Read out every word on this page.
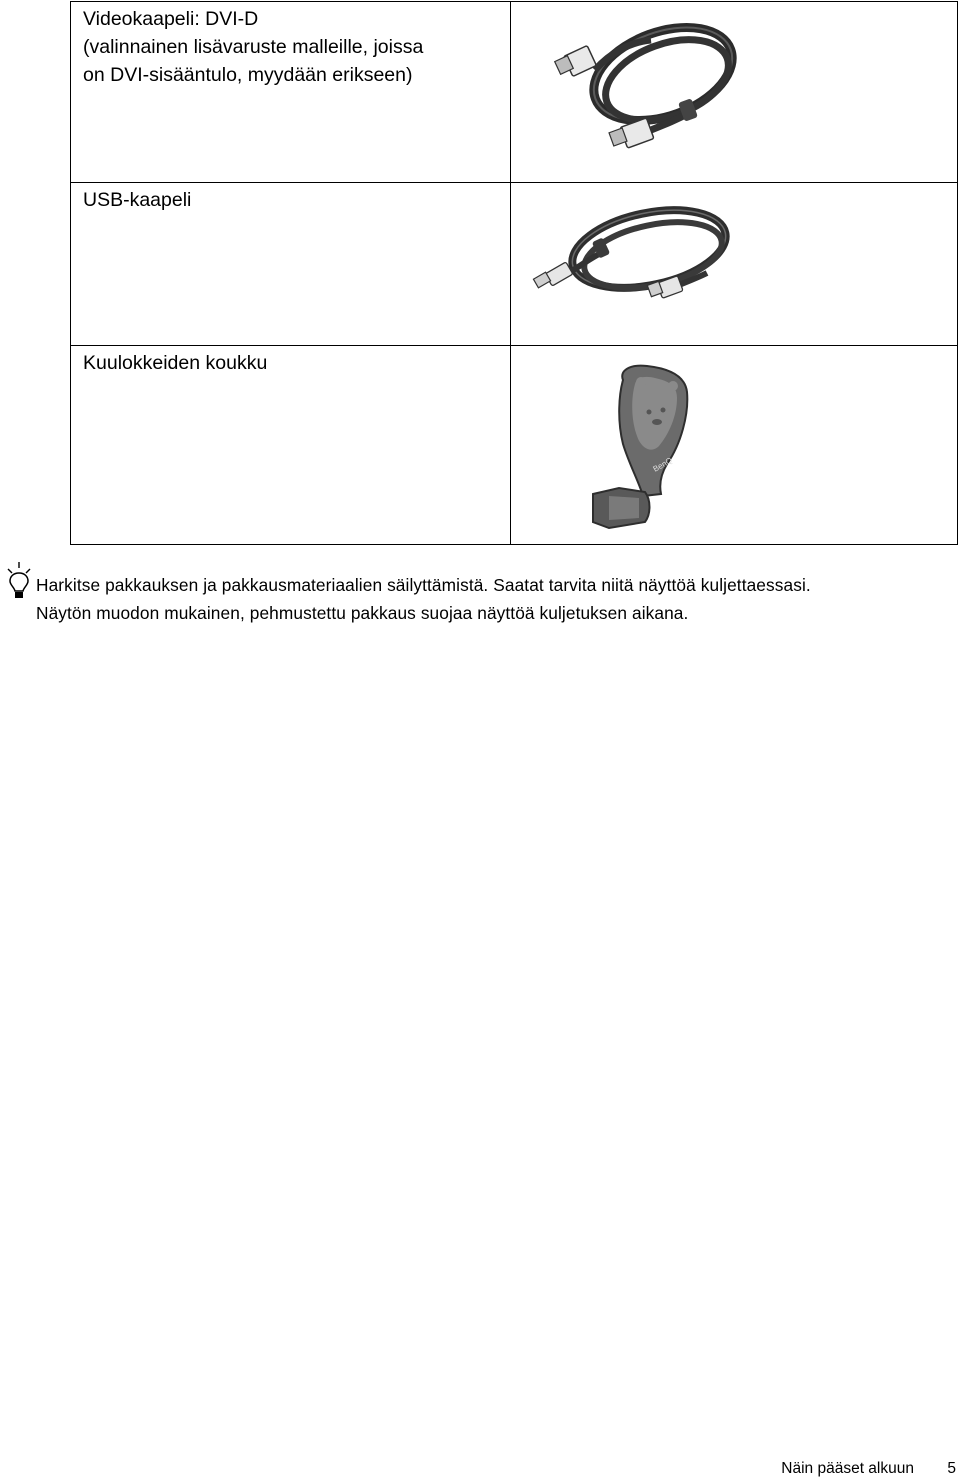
Videokaapeli: DVI-D
(valinnainen lisävaruste malleille, joissa
on DVI-sisääntulo, myydään erikseen)

USB-kaapeli

Kuulokkeiden koukku	BenQ
Harkitse pakkauksen ja pakkausmateriaalien säilyttämistä. Saatat tarvita niitä näyttöä kuljettaessasi.
Näytön muodon mukainen, pehmustettu pakkaus suojaa näyttöä kuljetuksen aikana.
Näin pääset alkuun 5
